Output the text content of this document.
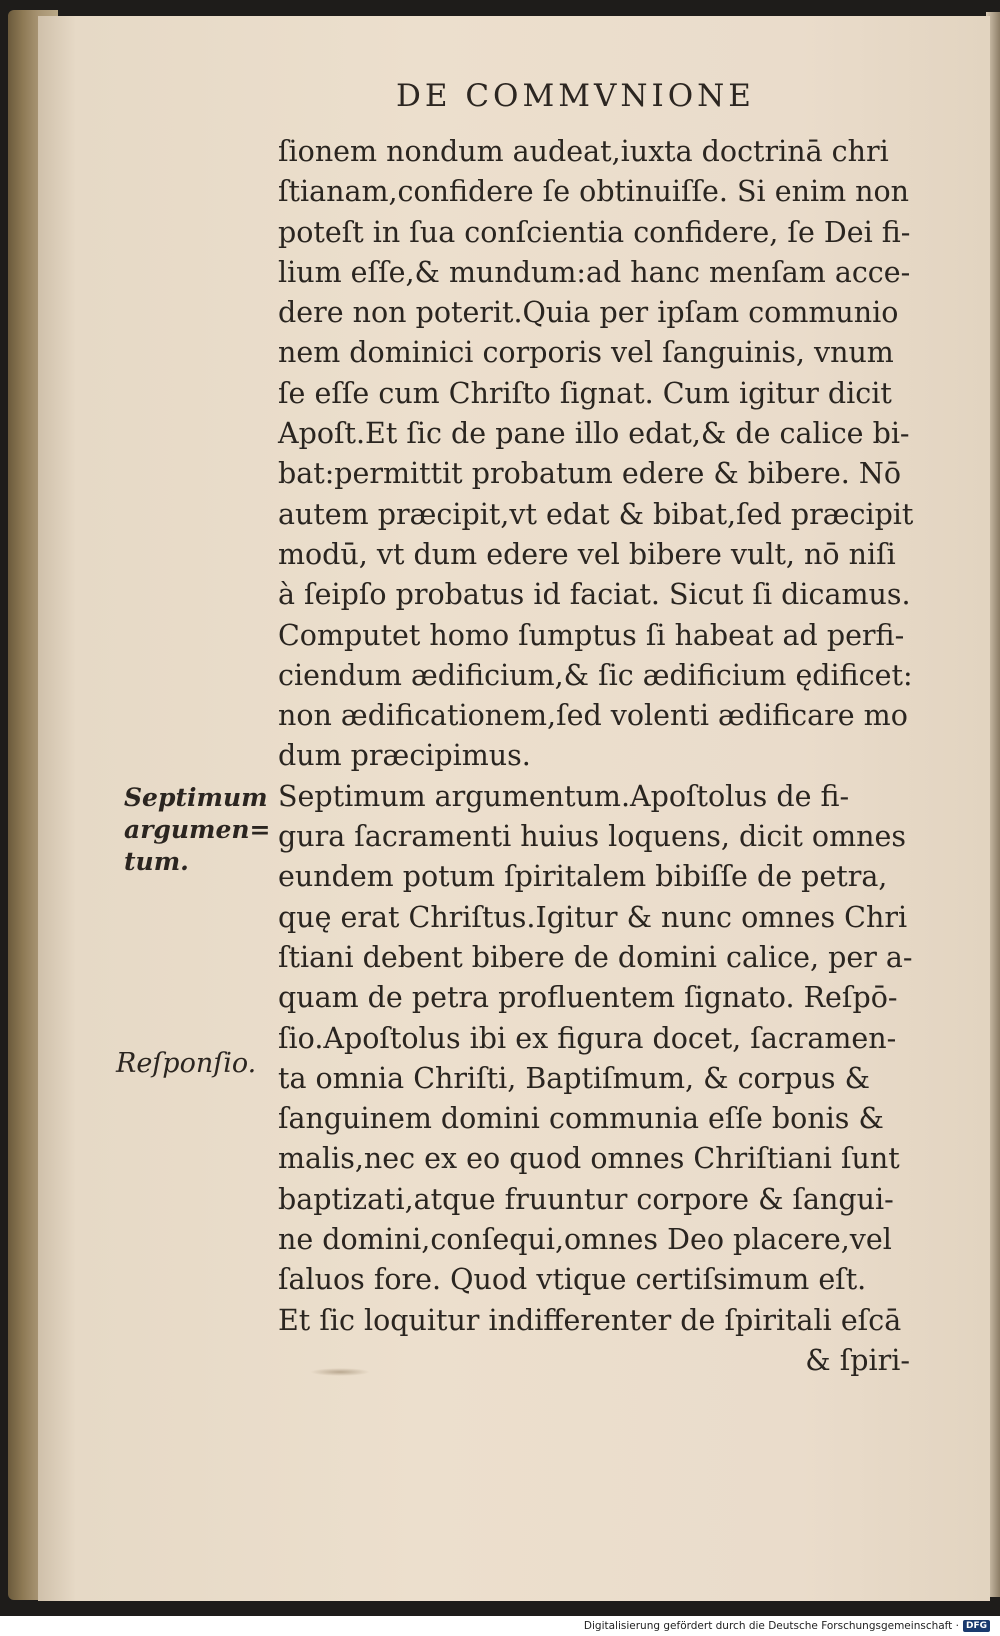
DE COMMVNIONE
ſionem nondum audeat,iuxta doctrinā chri
ſtianam,confidere ſe obtinuiſſe. Si enim non
poteſt in ſua conſcientia confidere, ſe Dei fi-
lium eſſe,& mundum:ad hanc menſam acce-
dere non poterit.Quia per ipſam communio
nem dominici corporis vel ſanguinis, vnum
ſe eſſe cum Chriſto ſignat. Cum igitur dicit
Apoſt.Et ſic de pane illo edat,& de calice bi-
bat:permittit probatum edere & bibere. Nō
autem præcipit,vt edat & bibat,ſed præcipit
modū, vt dum edere vel bibere vult, nō niſi
à ſeipſo probatus id faciat. Sicut ſi dicamus.
Computet homo ſumptus ſi habeat ad perfi-
ciendum ædificium,& ſic ædificium ędificet:
non ædificationem,ſed volenti ædificare mo
dum præcipimus.
Septimum argumentum.Apoſtolus de fi-
gura ſacramenti huius loquens, dicit omnes
eundem potum ſpiritalem bibiſſe de petra,
quę erat Chriſtus.Igitur & nunc omnes Chri
ſtiani debent bibere de domini calice, per a-
quam de petra profluentem ſignato. Reſpō-
ſio.Apoſtolus ibi ex figura docet, ſacramen-
ta omnia Chriſti, Baptiſmum, & corpus &
ſanguinem domini communia eſſe bonis &
malis,nec ex eo quod omnes Chriſtiani ſunt
baptizati,atque fruuntur corpore & ſangui-
ne domini,conſequi,omnes Deo placere,vel
ſaluos fore. Quod vtique certiſsimum eſt.
Et ſic loquitur indifferenter de ſpiritali eſcā
& ſpiri-
Septimum
argumen=
tum.
Reſponſio.
Digitalisierung gefördert durch die Deutsche Forschungsgemeinschaft · DFG
